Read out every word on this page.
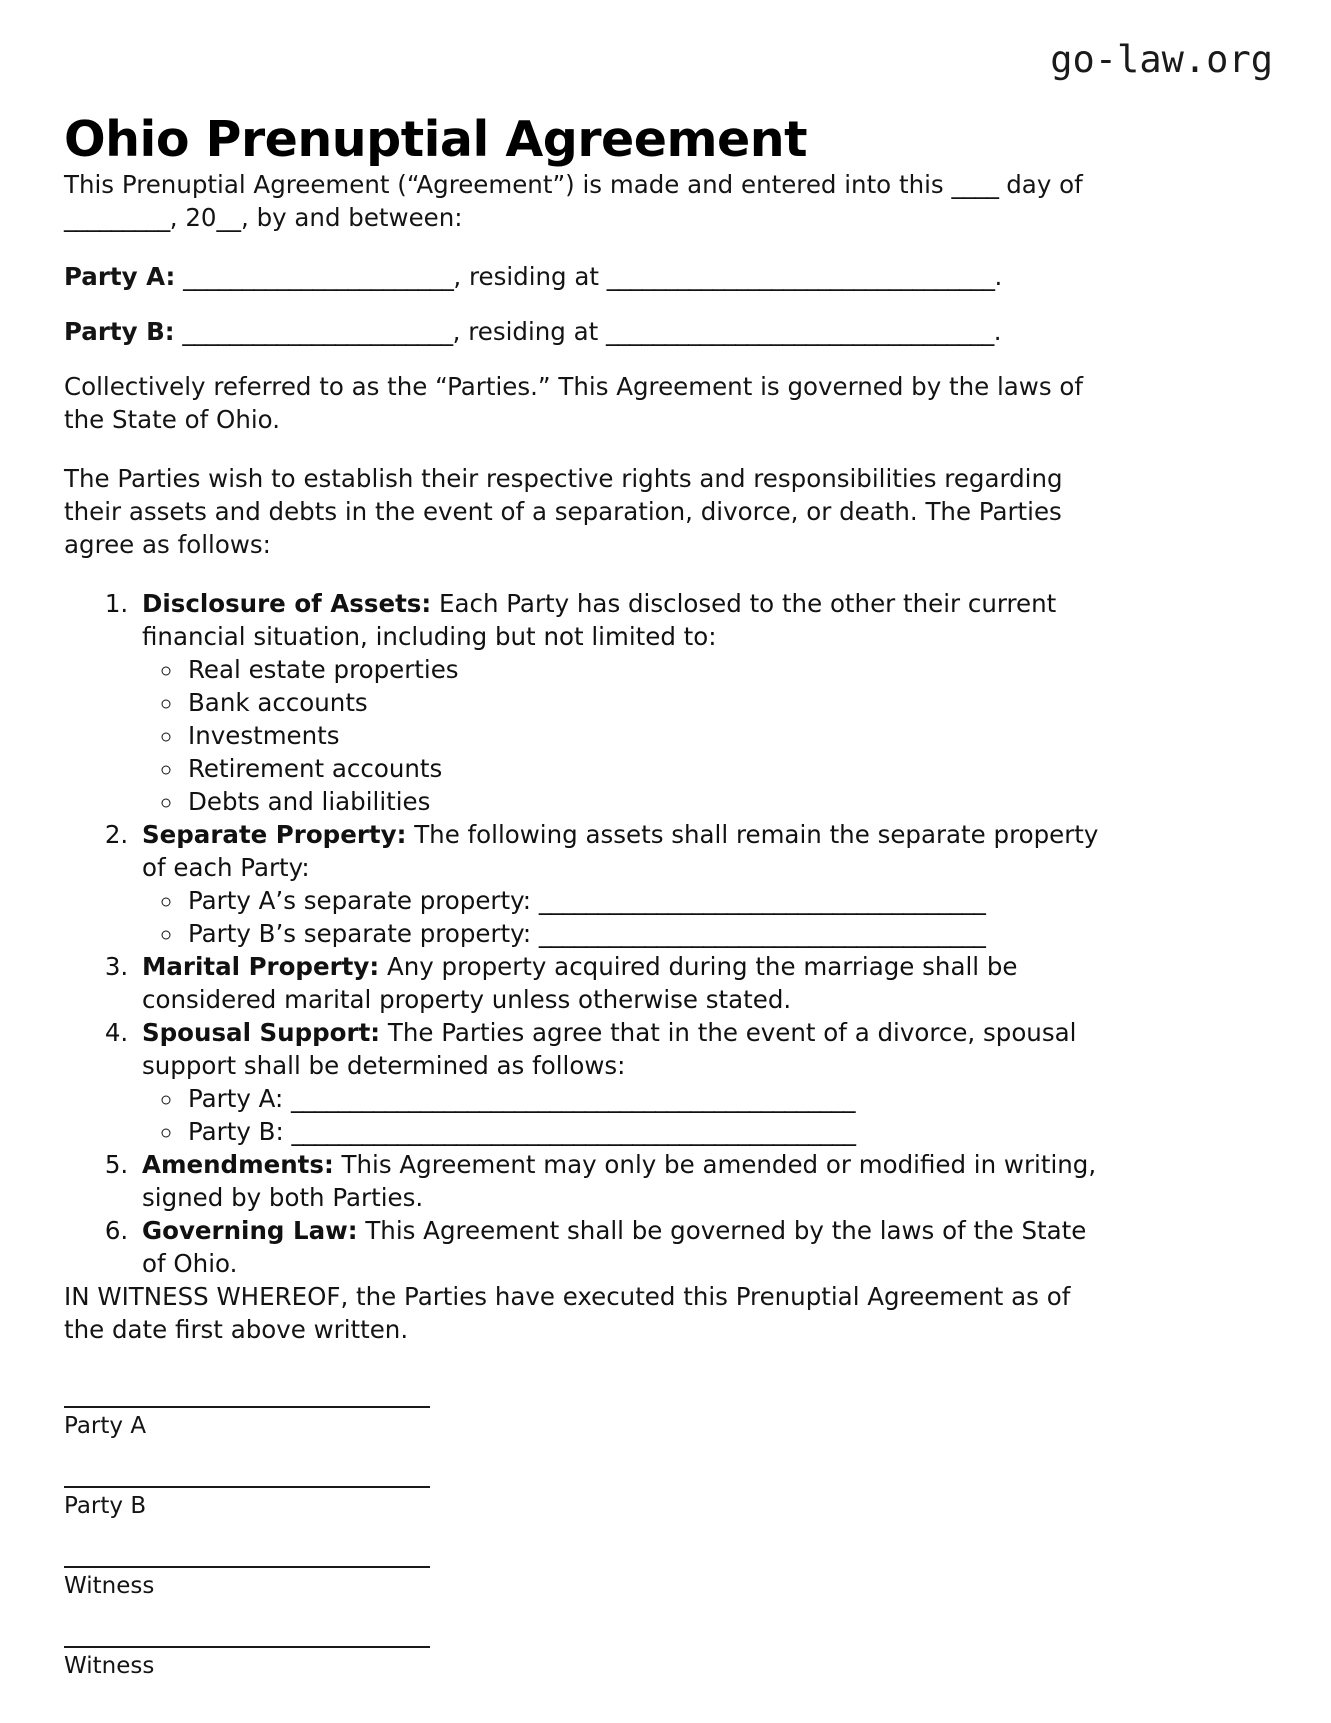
go-law.org
Ohio Prenuptial Agreement

This Prenuptial Agreement (“Agreement”) is made and entered into this ____ day of _________, 20__, by and between:

Party A: _______________________, residing at _________________________________.

Party B: _______________________, residing at _________________________________.

Collectively referred to as the “Parties.” This Agreement is governed by the laws of the State of Ohio.

The Parties wish to establish their respective rights and responsibilities regarding their assets and debts in the event of a separation, divorce, or death. The Parties agree as follows:

1. Disclosure of Assets: Each Party has disclosed to the other their current financial situation, including but not limited to:
◦ Real estate properties
◦ Bank accounts
◦ Investments
◦ Retirement accounts
◦ Debts and liabilities
2. Separate Property: The following assets shall remain the separate property of each Party:
◦ Party A’s separate property: ______________________________________
◦ Party B’s separate property: ______________________________________
3. Marital Property: Any property acquired during the marriage shall be considered marital property unless otherwise stated.
4. Spousal Support: The Parties agree that in the event of a divorce, spousal support shall be determined as follows:
◦ Party A: ________________________________________________
◦ Party B: ________________________________________________
5. Amendments: This Agreement may only be amended or modified in writing, signed by both Parties.
6. Governing Law: This Agreement shall be governed by the laws of the State of Ohio.

IN WITNESS WHEREOF, the Parties have executed this Prenuptial Agreement as of the date first above written.

Party A
Party B
Witness
Witness
